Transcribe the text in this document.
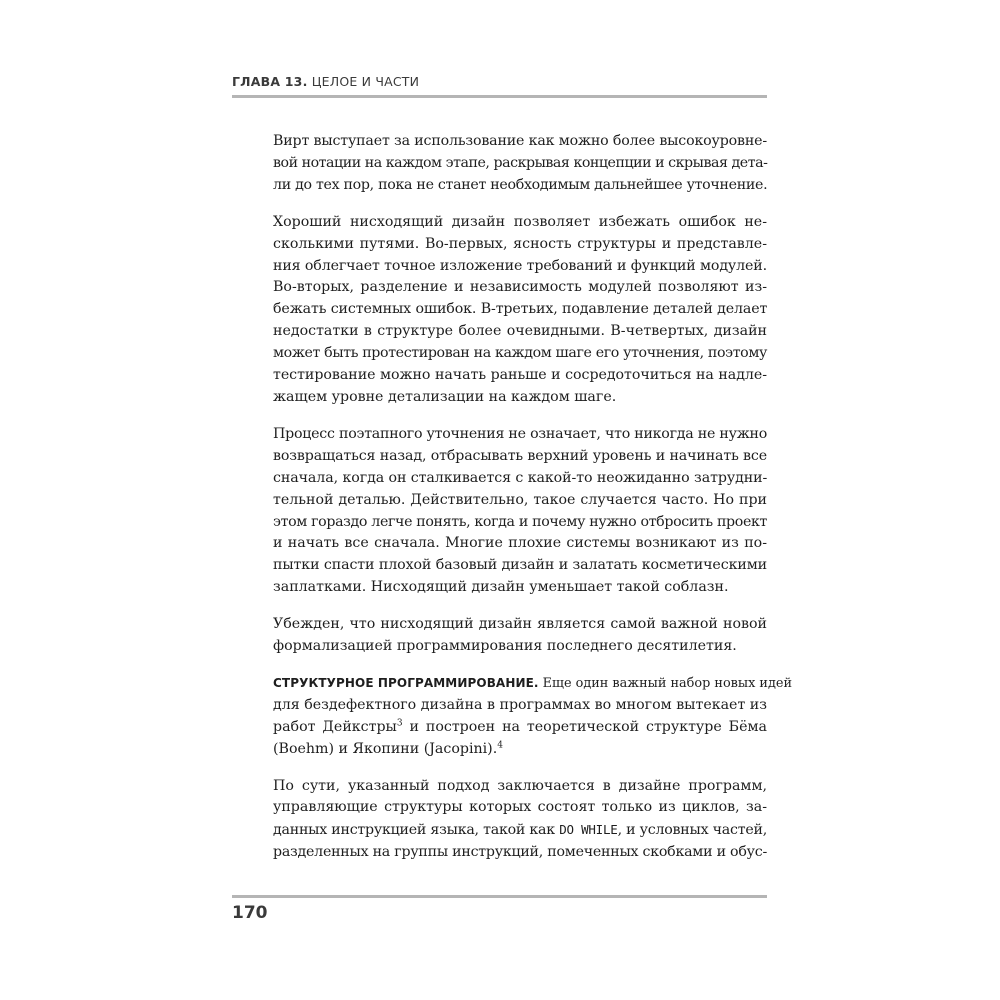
ГЛАВА 13. ЦЕЛОЕ И ЧАСТИ
Вирт выступает за использование как можно более высокоуровне-
вой нотации на каждом этапе, раскрывая концепции и скрывая дета-
ли до тех пор, пока не станет необходимым дальнейшее уточнение.
Хороший нисходящий дизайн позволяет избежать ошибок не-
сколькими путями. Во-первых, ясность структуры и представле-
ния облегчает точное изложение требований и функций модулей.
Во-вторых, разделение и независимость модулей позволяют из-
бежать системных ошибок. В-третьих, подавление деталей делает
недостатки в структуре более очевидными. В-четвертых, дизайн
может быть протестирован на каждом шаге его уточнения, поэтому
тестирование можно начать раньше и сосредоточиться на надле-
жащем уровне детализации на каждом шаге.
Процесс поэтапного уточнения не означает, что никогда не нужно
возвращаться назад, отбрасывать верхний уровень и начинать все
сначала, когда он сталкивается с какой-то неожиданно затрудни-
тельной деталью. Действительно, такое случается часто. Но при
этом гораздо легче понять, когда и почему нужно отбросить проект
и начать все сначала. Многие плохие системы возникают из по-
пытки спасти плохой базовый дизайн и залатать косметическими
заплатками. Нисходящий дизайн уменьшает такой соблазн.
Убежден, что нисходящий дизайн является самой важной новой
формализацией программирования последнего десятилетия.
СТРУКТУРНОЕ ПРОГРАММИРОВАНИЕ. Еще один важный набор новых идей
для бездефектного дизайна в программах во многом вытекает из
работ Дейкстры$^3$ и построен на теоретической структуре Бёма
(Boehm) и Якопини (Jacopini).$^4$
По сути, указанный подход заключается в дизайне программ,
управляющие структуры которых состоят только из циклов, за-
данных инструкцией языка, такой как DO WHILE, и условных частей,
разделенных на группы инструкций, помеченных скобками и обус-
170
